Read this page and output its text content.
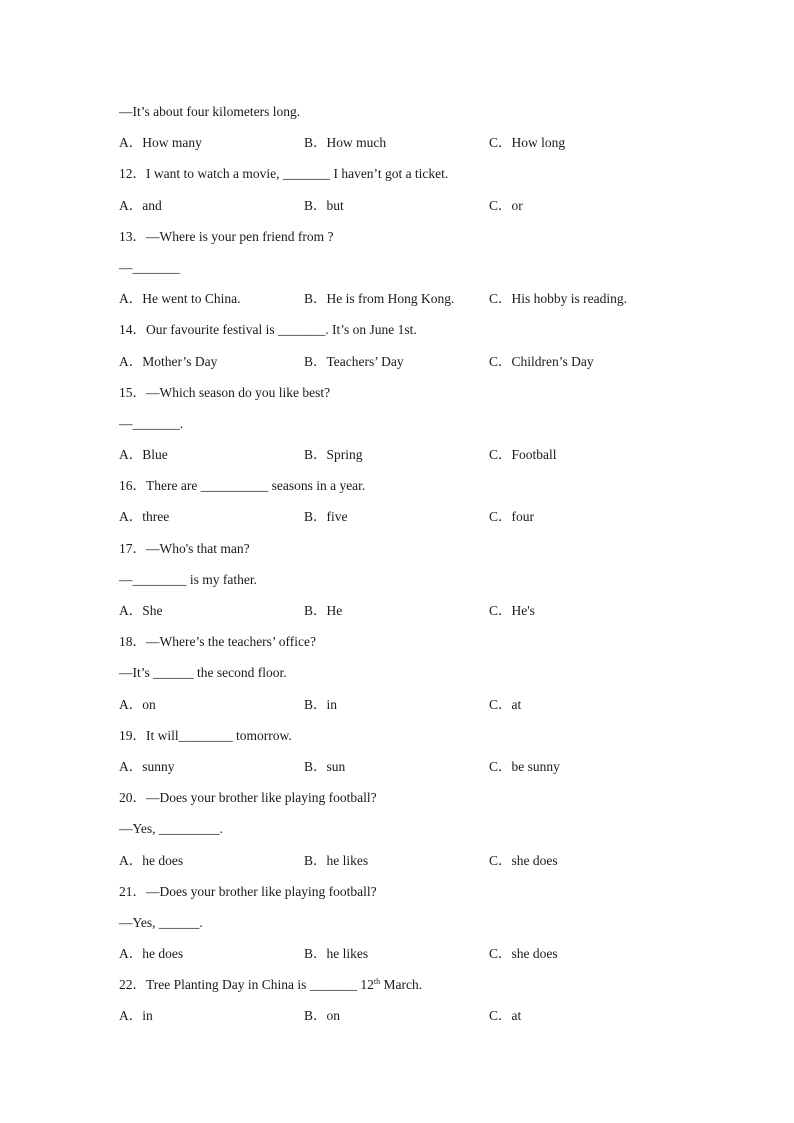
—It’s about four kilometers long.
A．How many	B．How much	C．How long
12．I want to watch a movie, _______ I haven’t got a ticket.
A．and	B．but	C．or
13．—Where is your pen friend from ?
—_______
A．He went to China.	B．He is from Hong Kong.	C．His hobby is reading.
14．Our favourite festival is _______. It’s on June 1st.
A．Mother’s Day	B．Teachers’ Day	C．Children’s Day
15．—Which season do you like best?
—_______.
A．Blue	B．Spring	C．Football
16．There are __________ seasons in a year.
A．three	B．five	C．four
17．—Who's that man?
—________ is my father.
A．She	B．He	C．He's
18．—Where’s the teachers’ office?
—It’s ______ the second floor.
A．on	B．in	C．at
19．It will________ tomorrow.
A．sunny	B．sun	C．be sunny
20．—Does your brother like playing football?
—Yes, _________.
A．he does	B．he likes	C．she does
21．—Does your brother like playing football?
—Yes, ______.
A．he does	B．he likes	C．she does
22．Tree Planting Day in China is _______ 12th March.
A．in	B．on	C．at
